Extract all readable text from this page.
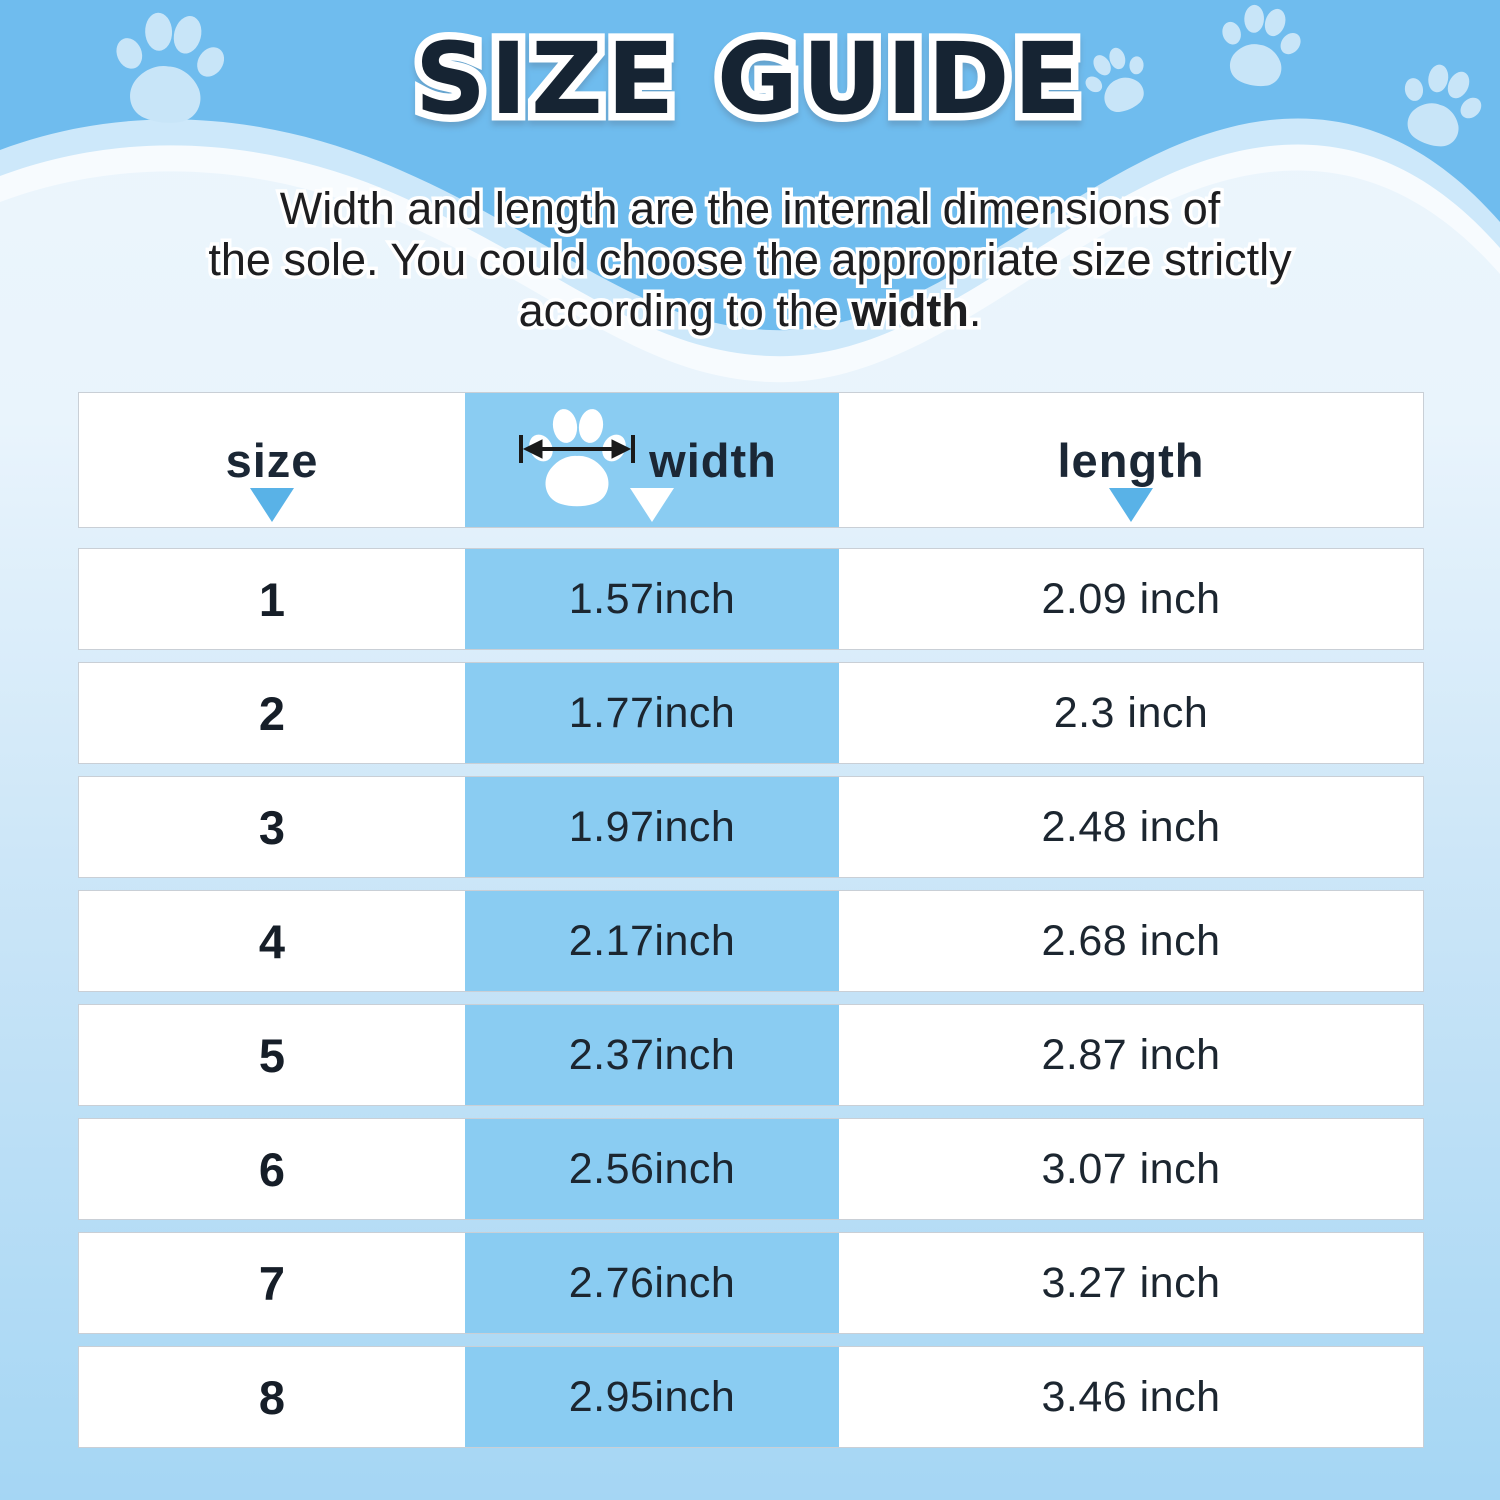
SIZE GUIDE

Width and length are the internal dimensions of
the sole. You could choose the appropriate size strictly
according to the width.

size	width	length
1	1.57inch	2.09 inch
2	1.77inch	2.3 inch
3	1.97inch	2.48 inch
4	2.17inch	2.68 inch
5	2.37inch	2.87 inch
6	2.56inch	3.07 inch
7	2.76inch	3.27 inch
8	2.95inch	3.46 inch
